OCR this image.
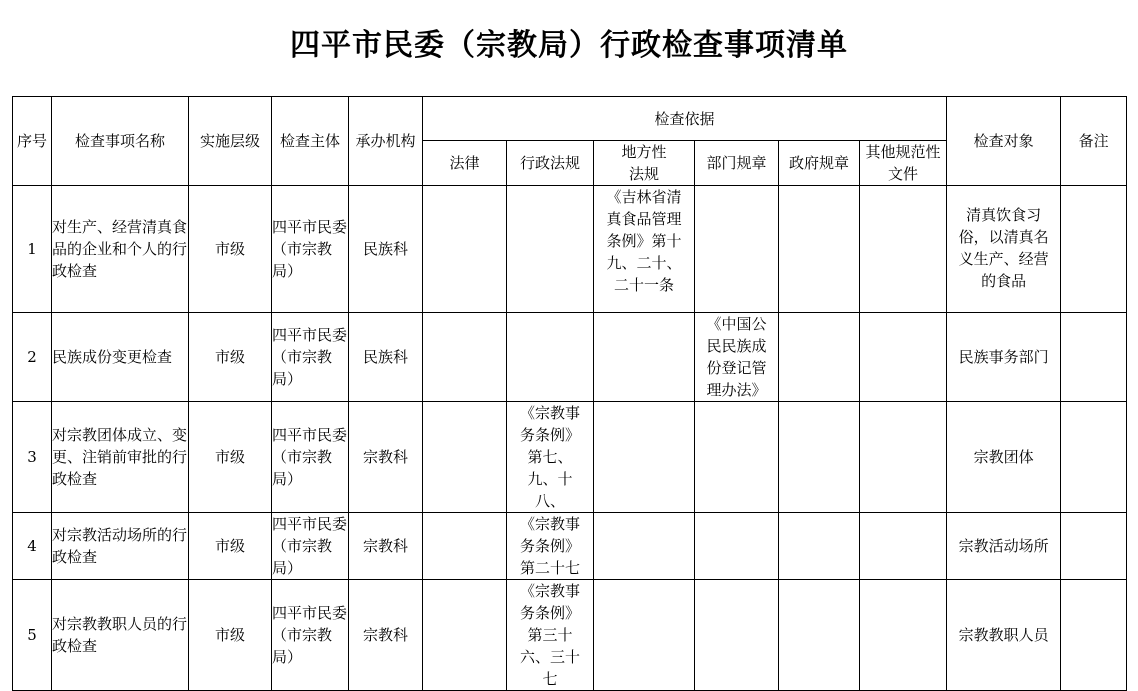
四平市民委（宗教局）行政检查事项清单
序号	检查事项名称	实施层级	检查主体	承办机构	检查依据						检查对象	备注
					法律	行政法规	地方性法规	部门规章	政府规章	其他规范性文件		
1	对生产、经营清真食品的企业和个人的行政检查	市级	四平市民委（市宗教局）	民族科			《吉林省清真食品管理条例》第十九、二十、二十一条				清真饮食习俗，以清真名义生产、经营的食品	
2	民族成份变更检查	市级	四平市民委（市宗教局）	民族科				《中国公民民族成份登记管理办法》			民族事务部门	
3	对宗教团体成立、变更、注销前审批的行政检查	市级	四平市民委（市宗教局）	宗教科		《宗教事务条例》第七、九、十八、					宗教团体	
4	对宗教活动场所的行政检查	市级	四平市民委（市宗教局）	宗教科		《宗教事务条例》第二十七					宗教活动场所	
5	对宗教教职人员的行政检查	市级	四平市民委（市宗教局）	宗教科		《宗教事务条例》第三十六、三十七					宗教教职人员	
